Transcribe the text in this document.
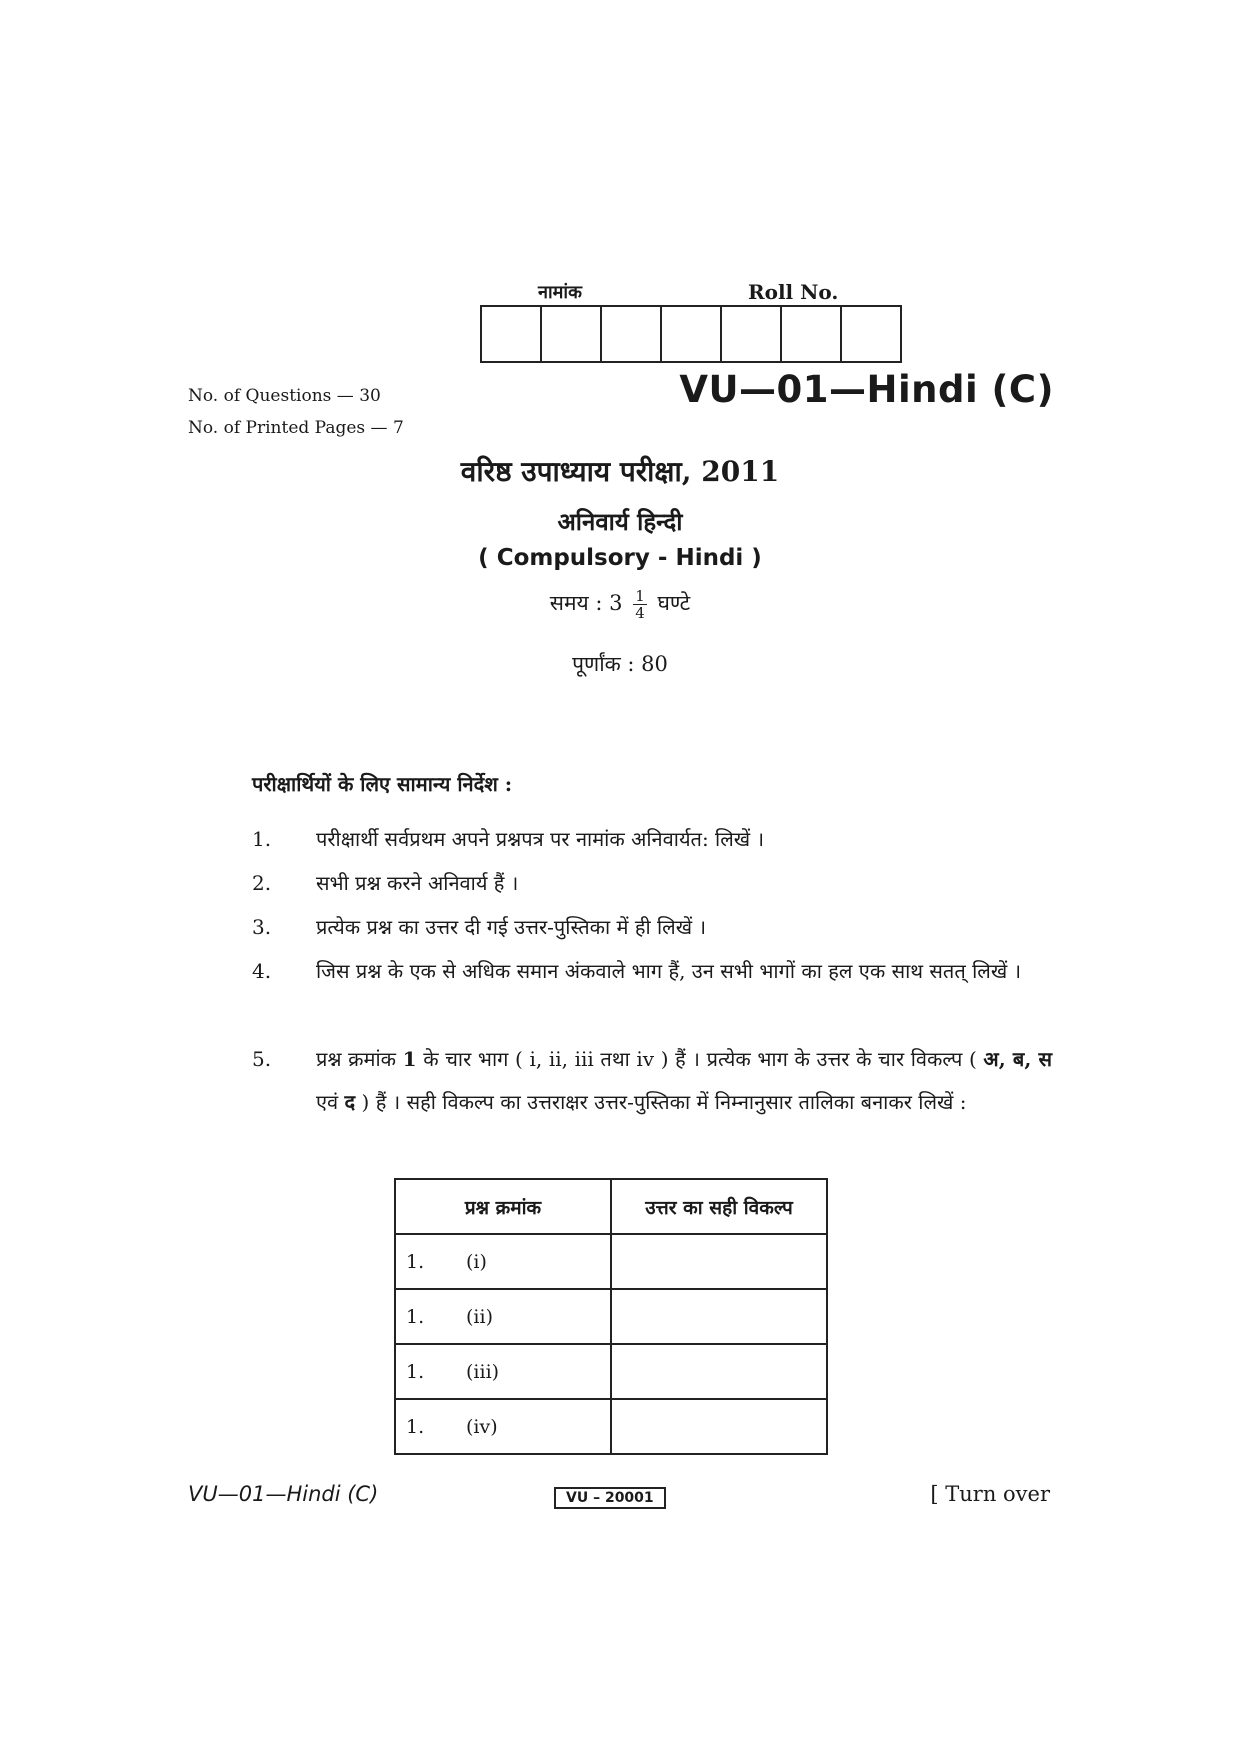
नामांक	Roll No.
No. of Questions — 30
No. of Printed Pages — 7
VU—01—Hindi (C)
वरिष्ठ उपाध्याय परीक्षा, 2011
अनिवार्य हिन्दी
( Compulsory - Hindi )
समय : $3 \frac{1}{4}$ घण्टे
पूर्णांक : 80
परीक्षार्थियों के लिए सामान्य निर्देश :
1.	परीक्षार्थी सर्वप्रथम अपने प्रश्नपत्र पर नामांक अनिवार्यत: लिखें ।
2.	सभी प्रश्न करने अनिवार्य हैं ।
3.	प्रत्येक प्रश्न का उत्तर दी गई उत्तर-पुस्तिका में ही लिखें ।
4.	जिस प्रश्न के एक से अधिक समान अंकवाले भाग हैं, उन सभी भागों का हल एक साथ सतत् लिखें ।
5.	प्रश्न क्रमांक 1 के चार भाग ( i, ii, iii तथा iv ) हैं । प्रत्येक भाग के उत्तर के चार विकल्प ( अ, ब, स एवं द ) हैं । सही विकल्प का उत्तराक्षर उत्तर-पुस्तिका में निम्नानुसार तालिका बनाकर लिखें :
प्रश्न क्रमांक	उत्तर का सही विकल्प
1. (i)	
1. (ii)	
1. (iii)	
1. (iv)	
VU—01—Hindi (C)	VU – 20001	[ Turn over
